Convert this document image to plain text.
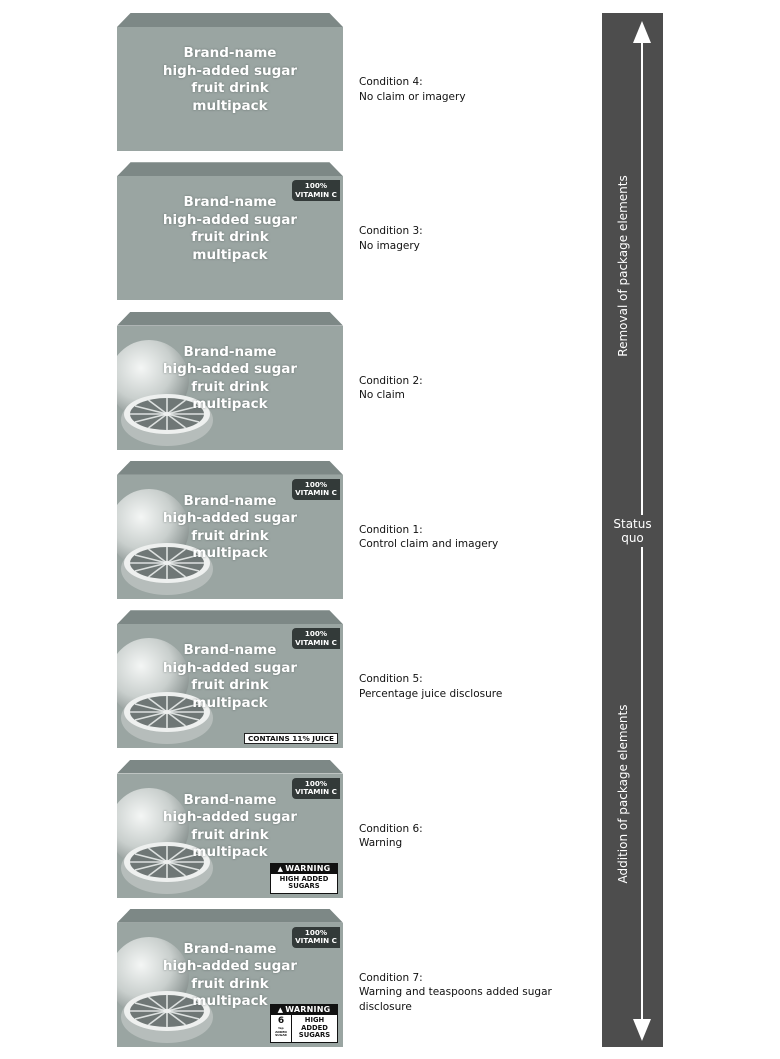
Brand-name
high-added sugar
fruit drink
multipack
Condition 4:
No claim or imagery
Brand-name
high-added sugar
fruit drink
multipack
100%
VITAMIN C
Condition 3:
No imagery
Brand-name
high-added sugar
fruit drink
multipack
Condition 2:
No claim
Brand-name
high-added sugar
fruit drink
multipack
100%
VITAMIN C
Condition 1:
Control claim and imagery
Brand-name
high-added sugar
fruit drink
multipack
100%
VITAMIN C
CONTAINS 11% JUICE
Condition 5:
Percentage juice disclosure
Brand-name
high-added sugar
fruit drink
multipack
100%
VITAMIN C
▲ WARNING
HIGH ADDED
SUGARS
Condition 6:
Warning
Brand-name
high-added sugar
fruit drink
multipack
100%
VITAMIN C
▲ WARNING
6
tsp
ADDED SUGAR
HIGH ADDED
SUGARS
Condition 7:
Warning and teaspoons added sugar disclosure
Removal of package elements
Status
quo
Addition of package elements
